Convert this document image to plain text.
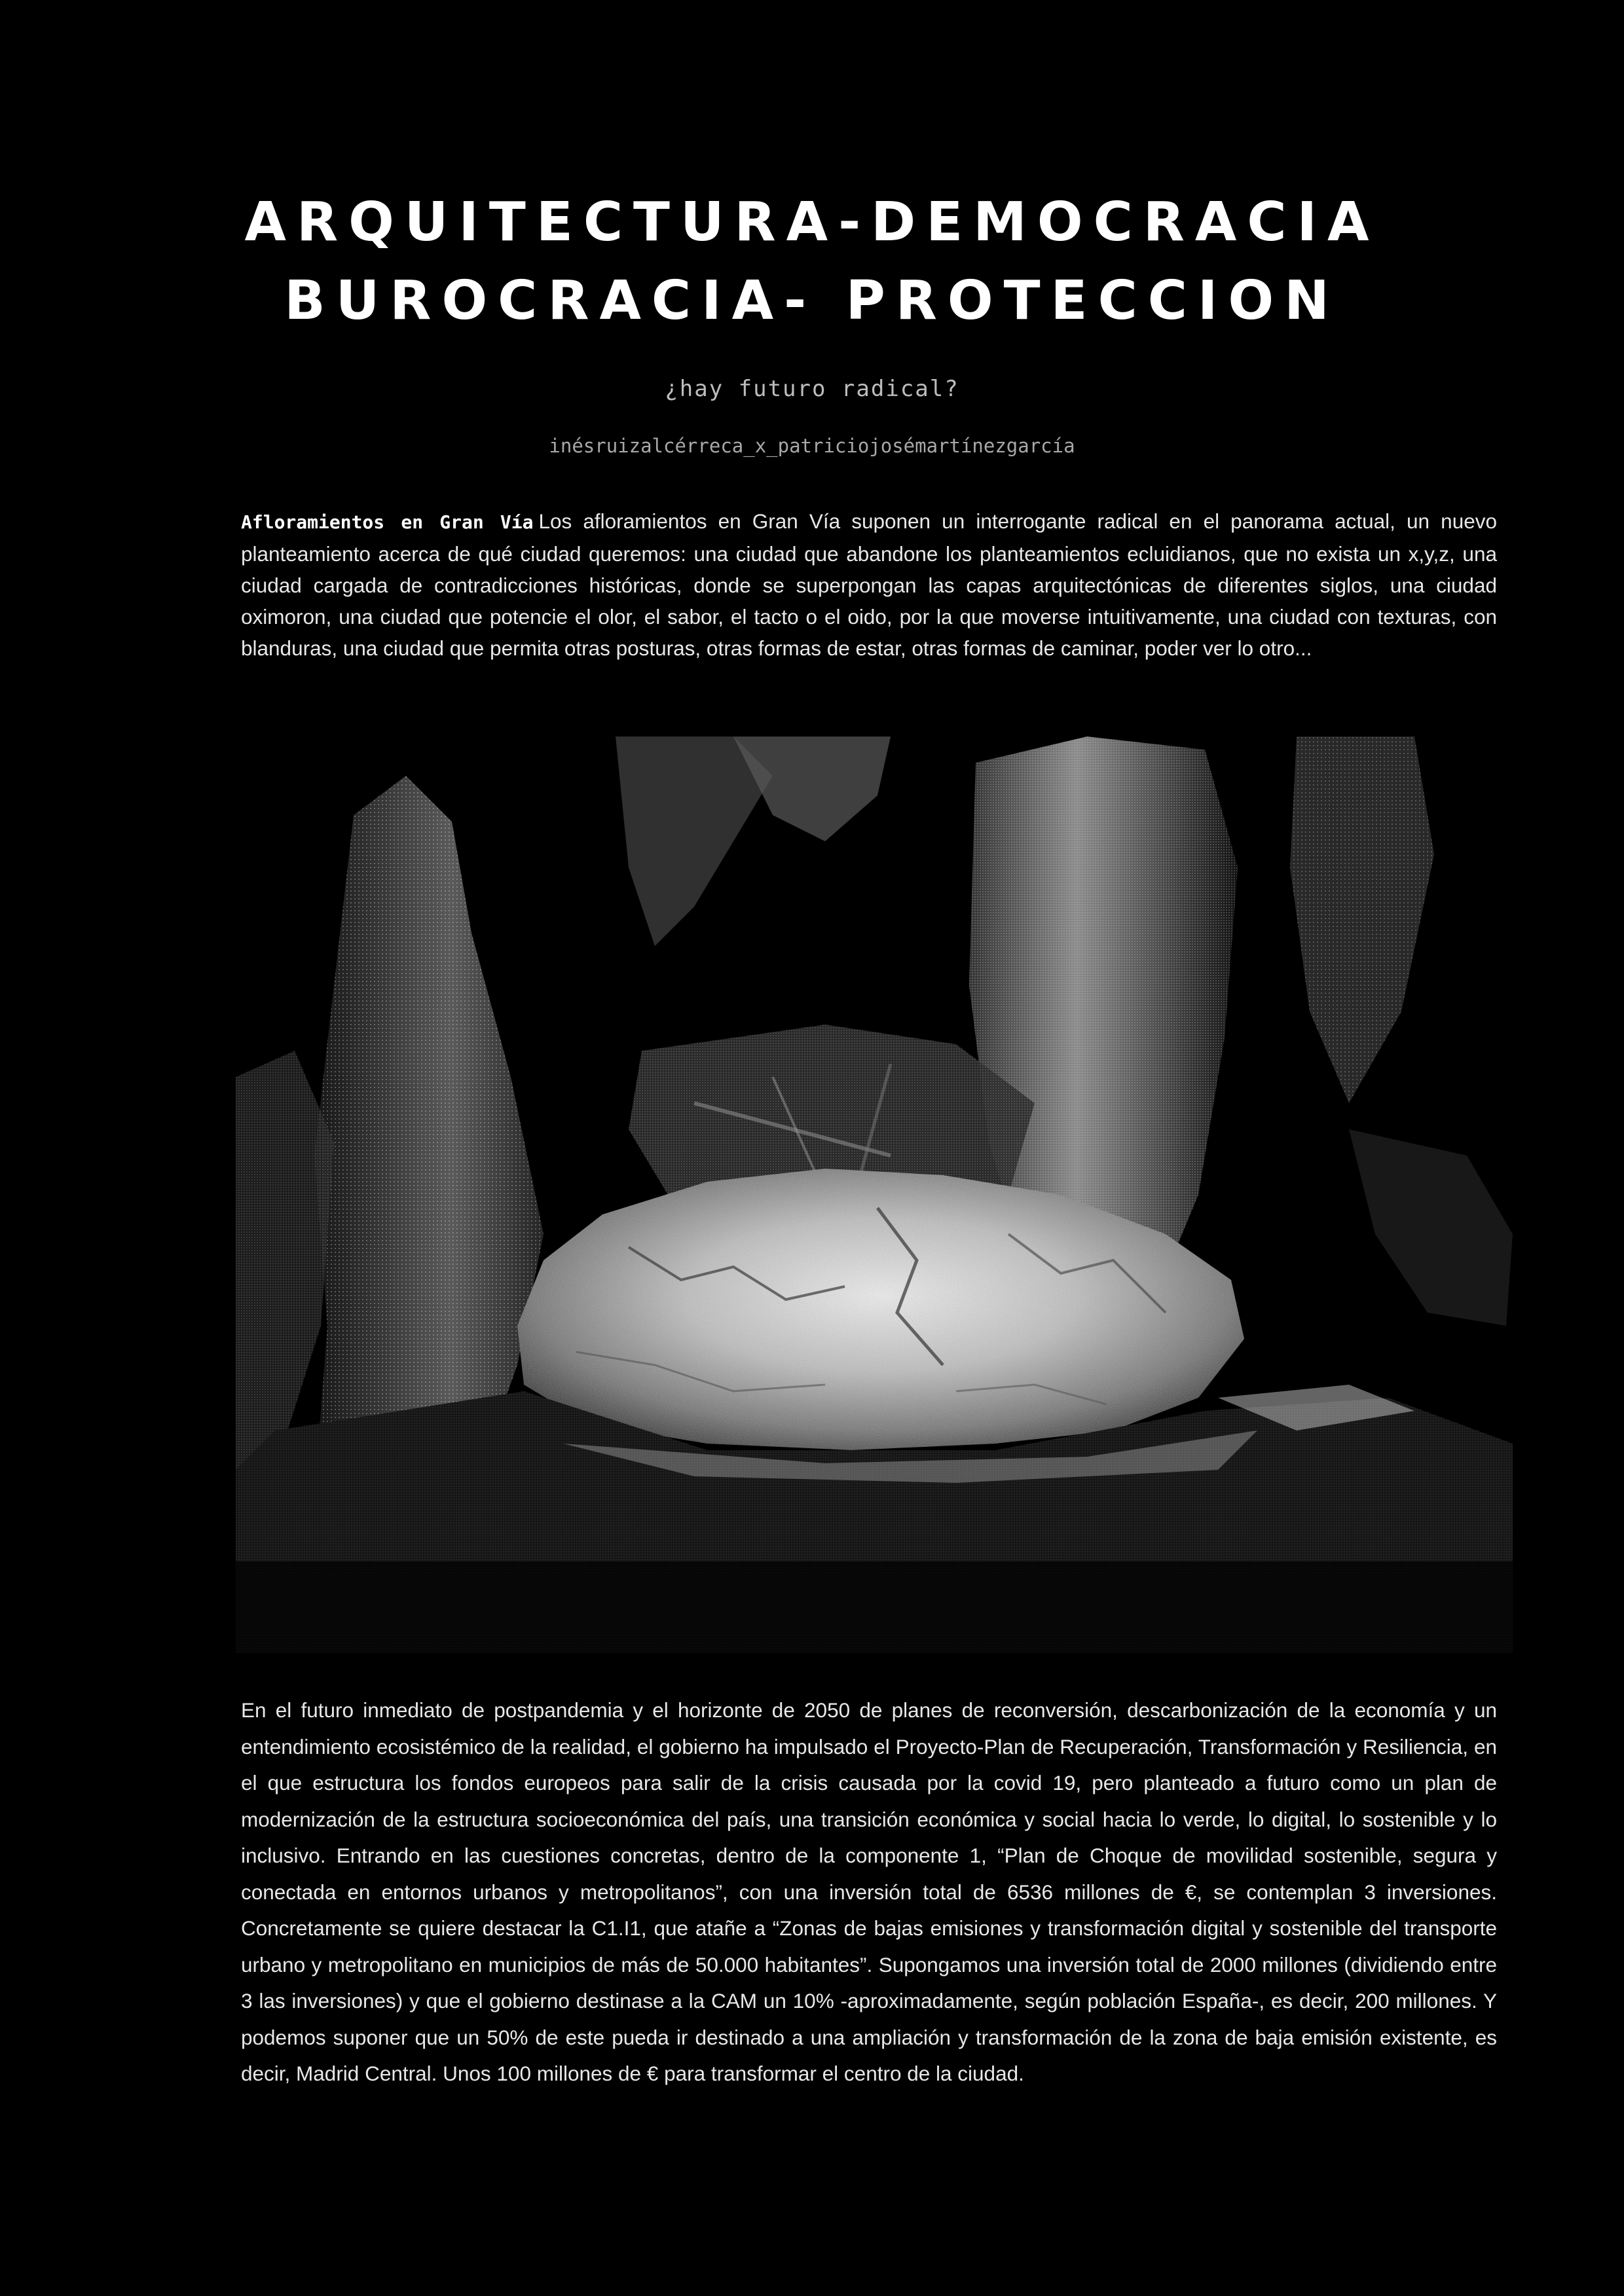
ARQUITECTURA-DEMOCRACIA
BUROCRACIA- PROTECCION
¿hay futuro radical?
inésruizalcérreca_x_patriciojosémartínezgarcía

Afloramientos en Gran Vía Los afloramientos en Gran Vía suponen un interrogante radical en el panorama actual, un nuevo planteamiento acerca de qué ciudad queremos: una ciudad que abandone los planteamientos ecluidianos, que no exista un x,y,z, una ciudad cargada de contradicciones históricas, donde se superpongan las capas arquitectónicas de diferentes siglos, una ciudad oximoron, una ciudad que potencie el olor, el sabor, el tacto o el oido, por la que moverse intuitivamente, una ciudad con texturas, con blanduras, una ciudad que permita otras posturas, otras formas de estar, otras formas de caminar, poder ver lo otro...

En el futuro inmediato de postpandemia y el horizonte de 2050 de planes de reconversión, descarbonización de la economía y un entendimiento ecosistémico de la realidad, el gobierno ha impulsado el Proyecto-Plan de Recuperación, Transformación y Resiliencia, en el que estructura los fondos europeos para salir de la crisis causada por la covid 19, pero planteado a futuro como un plan de modernización de la estructura socioeconómica del país, una transición económica y social hacia lo verde, lo digital, lo sostenible y lo inclusivo. Entrando en las cuestiones concretas, dentro de la componente 1, “Plan de Choque de movilidad sostenible, segura y conectada en entornos urbanos y metropolitanos”, con una inversión total de 6536 millones de €, se contemplan 3 inversiones. Concretamente se quiere destacar la C1.I1, que atañe a “Zonas de bajas emisiones y transformación digital y sostenible del transporte urbano y metropolitano en municipios de más de 50.000 habitantes”. Supongamos una inversión total de 2000 millones (dividiendo entre 3 las inversiones) y que el gobierno destinase a la CAM un 10% -aproximadamente, según población España-, es decir, 200 millones. Y podemos suponer que un 50% de este pueda ir destinado a una ampliación y transformación de la zona de baja emisión existente, es decir, Madrid Central. Unos 100 millones de € para transformar el centro de la ciudad.
